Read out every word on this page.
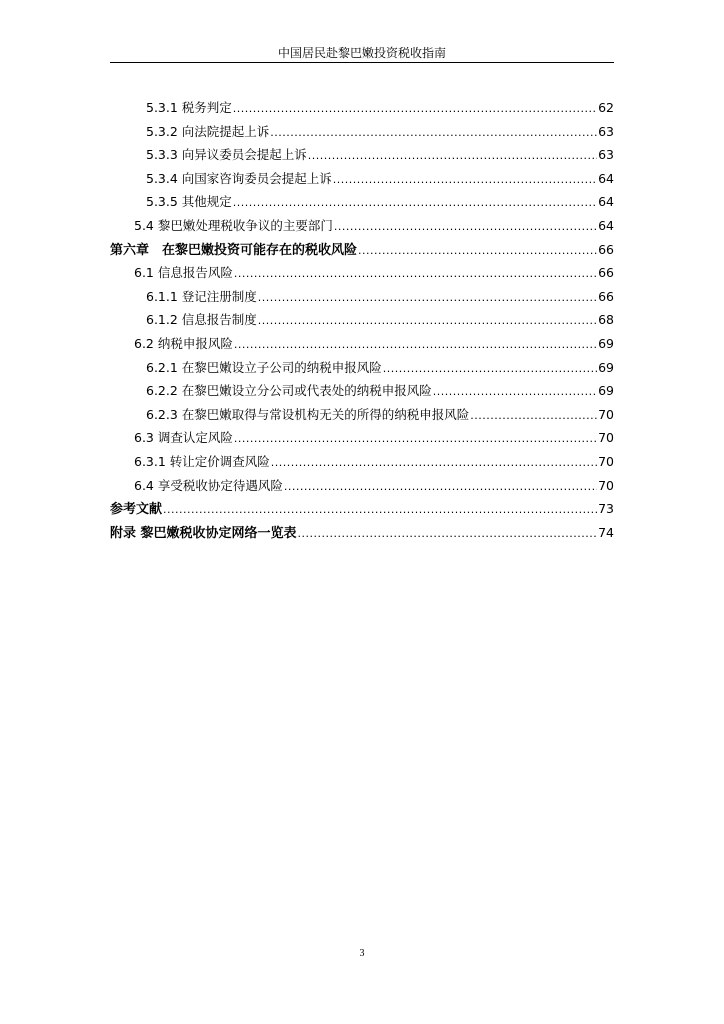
中国居民赴黎巴嫩投资税收指南
5.3.1 税务判定 .....	62
5.3.2 向法院提起上诉 .....	63
5.3.3 向异议委员会提起上诉 .....	63
5.3.4 向国家咨询委员会提起上诉 .....	64
5.3.5 其他规定 .....	64
5.4 黎巴嫩处理税收争议的主要部门 .....	64
第六章　在黎巴嫩投资可能存在的税收风险 .....	66
6.1 信息报告风险 .....	66
6.1.1 登记注册制度 .....	66
6.1.2 信息报告制度 .....	68
6.2 纳税申报风险 .....	69
6.2.1 在黎巴嫩设立子公司的纳税申报风险 .....	69
6.2.2 在黎巴嫩设立分公司或代表处的纳税申报风险 .....	69
6.2.3 在黎巴嫩取得与常设机构无关的所得的纳税申报风险 .....	70
6.3 调查认定风险 .....	70
6.3.1 转让定价调查风险 .....	70
6.4 享受税收协定待遇风险 .....	70
参考文献 .....	73
附录 黎巴嫩税收协定网络一览表 .....	74
3
